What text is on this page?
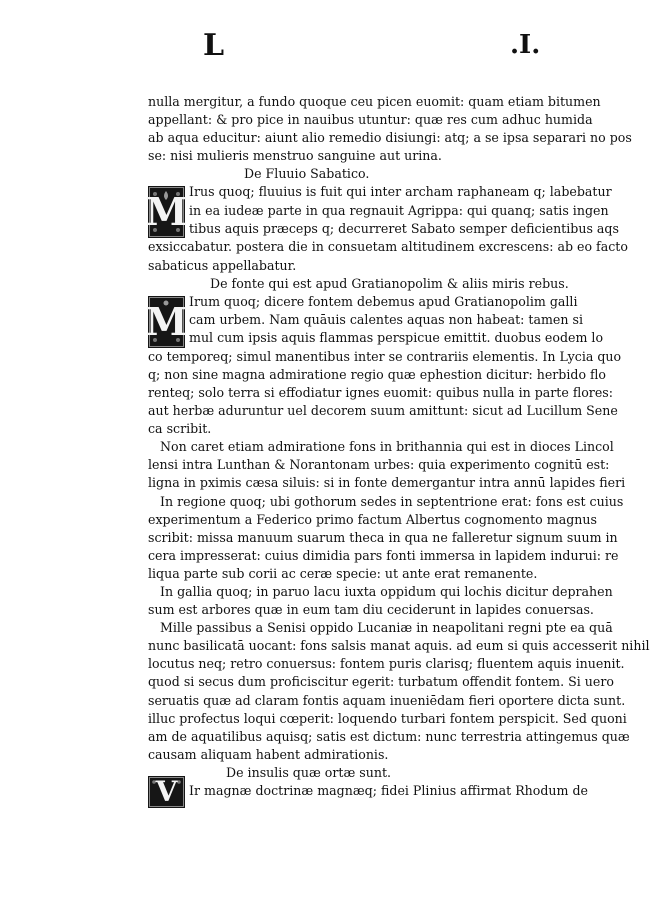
L	.I.
nulla mergitur, a fundo quoque ceu picen euomit: quam etiam bitumen
appellant: & pro pice in nauibus utuntur: quæ res cum adhuc humida
ab aqua educitur: aiunt alio remedio disiungi: atq; a se ipsa separari no pos
se: nisi mulieris menstruo sanguine aut urina.
De Fluuio Sabatico.
M Irus quoq; fluuius is fuit qui inter archam raphaneam q; labebatur
in ea iudeæ parte in qua regnauit Agrippa: qui quanq; satis ingen
tibus aquis præceps q; decurreret Sabato semper deficientibus aqs
exsiccabatur. postera die in consuetam altitudinem excrescens: ab eo facto
sabaticus appellabatur.
De fonte qui est apud Gratianopolim & aliis miris rebus.
M Irum quoq; dicere fontem debemus apud Gratianopolim galli
cam urbem. Nam quāuis calentes aquas non habeat: tamen si
mul cum ipsis aquis flammas perspicue emittit. duobus eodem lo
co temporeq; simul manentibus inter se contrariis elementis. In Lycia quo
q; non sine magna admiratione regio quæ ephestion dicitur: herbido flo
renteq; solo terra si effodiatur ignes euomit: quibus nulla in parte flores:
aut herbæ aduruntur uel decorem suum amittunt: sicut ad Lucillum Sene
ca scribit.
Non caret etiam admiratione fons in brithannia qui est in dioces Lincol
lensi intra Lunthan & Norantonam urbes: quia experimento cognitū est:
ligna in pximis cæsa siluis: si in fonte demergantur intra annū lapides fieri
In regione quoq; ubi gothorum sedes in septentrione erat: fons est cuius
experimentum a Federico primo factum Albertus cognomento magnus
scribit: missa manuum suarum theca in qua ne falleretur signum suum in
cera impresserat: cuius dimidia pars fonti immersa in lapidem indurui: re
liqua parte sub corii ac ceræ specie: ut ante erat remanente.
In gallia quoq; in paruo lacu iuxta oppidum qui lochis dicitur deprahen
sum est arbores quæ in eum tam diu ceciderunt in lapides conuersas.
Mille passibus a Senisi oppido Lucaniæ in neapolitani regni pte ea quā
nunc basilicatā uocant: fons salsis manat aquis. ad eum si quis accesserit nihil
locutus neq; retro conuersus: fontem puris clarisq; fluentem aquis inuenit.
quod si secus dum proficiscitur egerit: turbatum offendit fontem. Si uero
seruatis quæ ad claram fontis aquam inueniēdam fieri oportere dicta sunt.
illuc profectus loqui cœperit: loquendo turbari fontem perspicit. Sed quoni
am de aquatilibus aquisq; satis est dictum: nunc terrestria attingemus quæ
causam aliquam habent admirationis.
De insulis quæ ortæ sunt.
V Ir magnæ doctrinæ magnæq; fidei Plinius affirmat Rhodum de
